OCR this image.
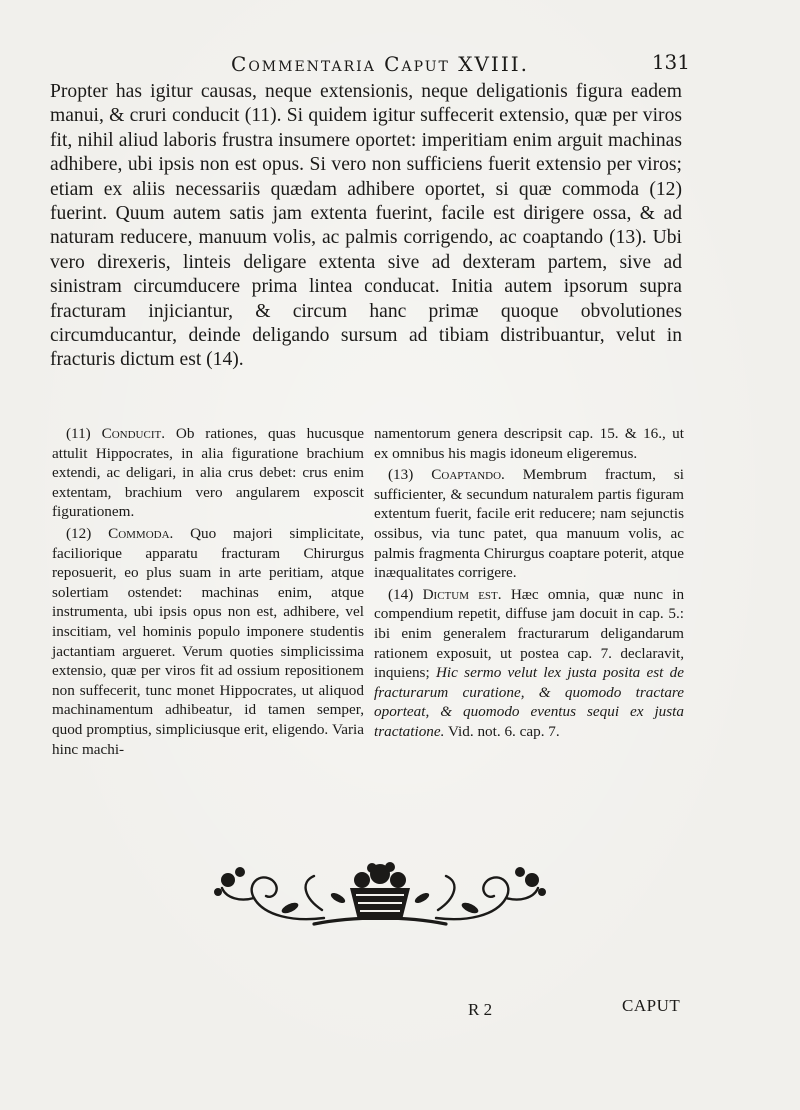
Commentaria Caput XVIII.	131

Propter has igitur causas, neque extensionis, neque deligationis figura eadem manui, & cruri conducit (11). Si quidem igitur suffecerit extensio, quæ per viros fit, nihil aliud laboris frustra insumere oportet: imperitiam enim arguit machinas adhibere, ubi ipsis non est opus. Si vero non sufficiens fuerit extensio per viros; etiam ex aliis necessariis quædam adhibere oportet, si quæ commoda (12) fuerint. Quum autem satis jam extenta fuerint, facile est dirigere ossa, & ad naturam reducere, manuum volis, ac palmis corrigendo, ac coaptando (13). Ubi vero direxeris, linteis deligare extenta sive ad dexteram partem, sive ad sinistram circumducere prima lintea conducat. Initia autem ipsorum supra fracturam injiciantur, & circum hanc primæ quoque obvolutiones circumducantur, deinde deligando sursum ad tibiam distribuantur, velut in fracturis dictum est (14).

(11) Conducit. Ob rationes, quas hucusque attulit Hippocrates, in alia figuratione brachium extendi, ac deligari, in alia crus debet: crus enim extentam, brachium vero angularem exposcit figurationem.

(12) Commoda. Quo majori simplicitate, faciliorique apparatu fracturam Chirurgus reposuerit, eo plus suam in arte peritiam, atque solertiam ostendet: machinas enim, atque instrumenta, ubi ipsis opus non est, adhibere, vel inscitiam, vel hominis populo imponere studentis jactantiam argueret. Verum quoties simplicissima extensio, quæ per viros fit ad ossium repositionem non suffecerit, tunc monet Hippocrates, ut aliquod machinamentum adhibeatur, id tamen semper, quod promptius, simpliciusque erit, eligendo. Varia hinc machi-

namentorum genera descripsit cap. 15. & 16., ut ex omnibus his magis idoneum eligeremus.

(13) Coaptando. Membrum fractum, si sufficienter, & secundum naturalem partis figuram extentum fuerit, facile erit reducere; nam sejunctis ossibus, via tunc patet, qua manuum volis, ac palmis fragmenta Chirurgus coaptare poterit, atque inæqualitates corrigere.

(14) Dictum est. Hæc omnia, quæ nunc in compendium repetit, diffuse jam docuit in cap. 5.: ibi enim generalem fracturarum deligandarum rationem exposuit, ut postea cap. 7. declaravit, inquiens; Hic sermo velut lex justa posita est de fracturarum curatione, & quomodo tractare oporteat, & quomodo eventus sequi ex justa tractatione. Vid. not. 6. cap. 7.

R 2	CAPUT
